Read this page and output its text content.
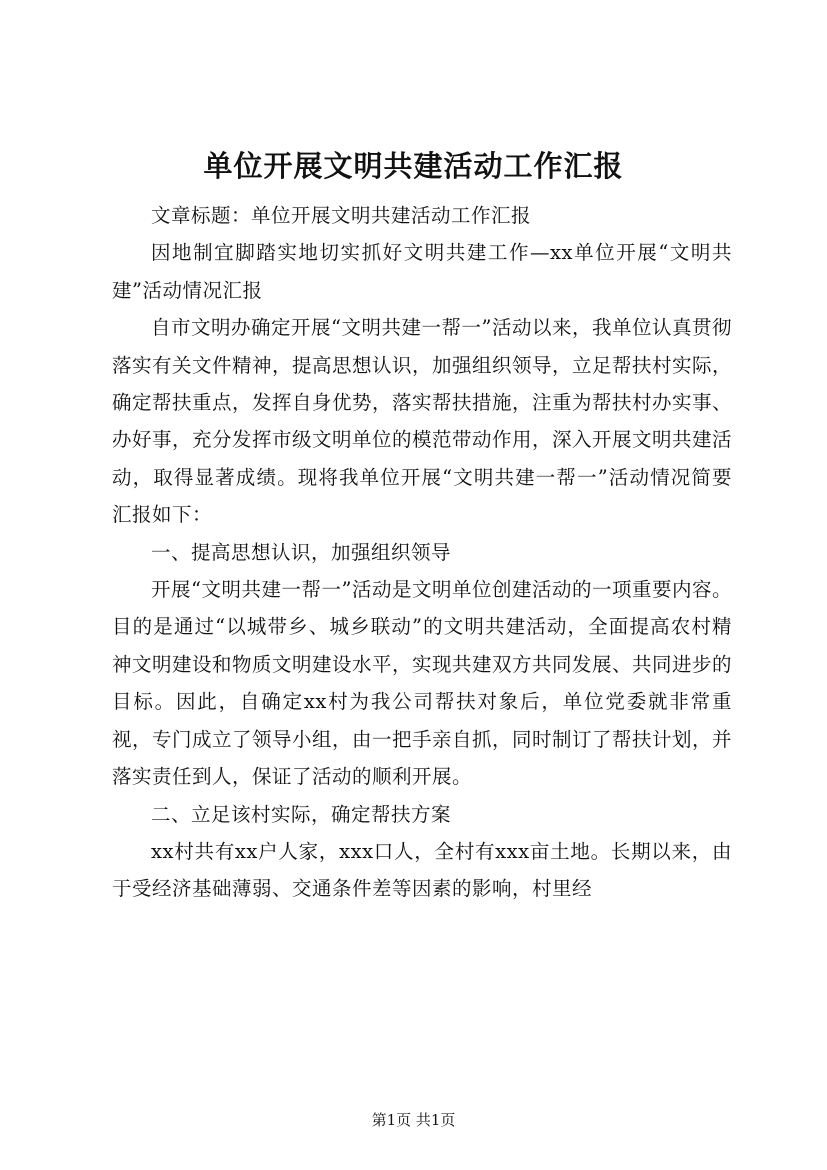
单位开展文明共建活动工作汇报

文章标题：单位开展文明共建活动工作汇报

因地制宜脚踏实地切实抓好文明共建工作—xx单位开展“文明共建”活动情况汇报

自市文明办确定开展“文明共建一帮一”活动以来，我单位认真贯彻落实有关文件精神，提高思想认识，加强组织领导，立足帮扶村实际，确定帮扶重点，发挥自身优势，落实帮扶措施，注重为帮扶村办实事、办好事，充分发挥市级文明单位的模范带动作用，深入开展文明共建活动，取得显著成绩。现将我单位开展“文明共建一帮一”活动情况简要汇报如下：

一、提高思想认识，加强组织领导

开展“文明共建一帮一”活动是文明单位创建活动的一项重要内容。目的是通过“以城带乡、城乡联动”的文明共建活动，全面提高农村精神文明建设和物质文明建设水平，实现共建双方共同发展、共同进步的目标。因此，自确定xx村为我公司帮扶对象后，单位党委就非常重视，专门成立了领导小组，由一把手亲自抓，同时制订了帮扶计划，并落实责任到人，保证了活动的顺利开展。

二、立足该村实际，确定帮扶方案

xx村共有xx户人家，xxx口人，全村有xxx亩土地。长期以来，由于受经济基础薄弱、交通条件差等因素的影响，村里经

第1页 共1页
